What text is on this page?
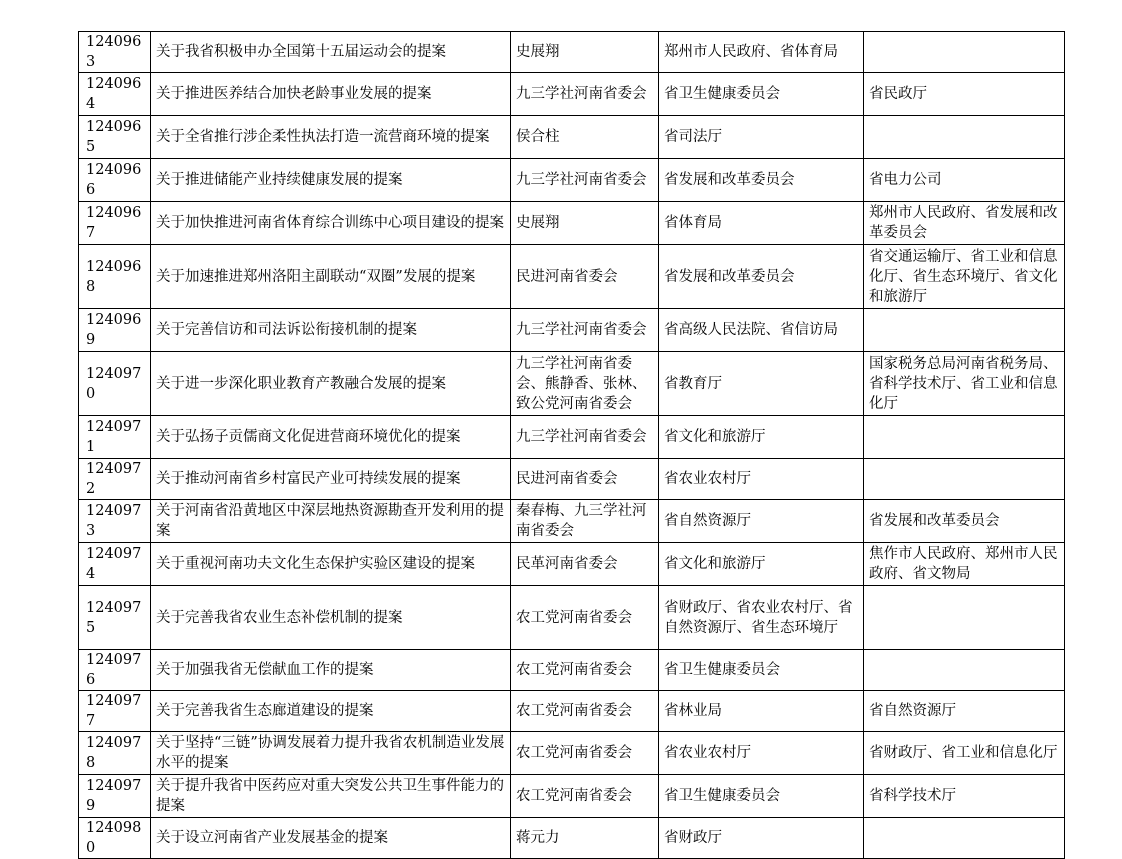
1240963	关于我省积极申办全国第十五届运动会的提案	史展翔	郑州市人民政府、省体育局	
1240964	关于推进医养结合加快老龄事业发展的提案	九三学社河南省委会	省卫生健康委员会	省民政厅
1240965	关于全省推行涉企柔性执法打造一流营商环境的提案	侯合柱	省司法厅	
1240966	关于推进储能产业持续健康发展的提案	九三学社河南省委会	省发展和改革委员会	省电力公司
1240967	关于加快推进河南省体育综合训练中心项目建设的提案	史展翔	省体育局	郑州市人民政府、省发展和改革委员会
1240968	关于加速推进郑州洛阳主副联动“双圈”发展的提案	民进河南省委会	省发展和改革委员会	省交通运输厅、省工业和信息化厅、省生态环境厅、省文化和旅游厅
1240969	关于完善信访和司法诉讼衔接机制的提案	九三学社河南省委会	省高级人民法院、省信访局	
1240970	关于进一步深化职业教育产教融合发展的提案	九三学社河南省委会、熊静香、张林、致公党河南省委会	省教育厅	国家税务总局河南省税务局、省科学技术厅、省工业和信息化厅
1240971	关于弘扬子贡儒商文化促进营商环境优化的提案	九三学社河南省委会	省文化和旅游厅	
1240972	关于推动河南省乡村富民产业可持续发展的提案	民进河南省委会	省农业农村厅	
1240973	关于河南省沿黄地区中深层地热资源勘查开发利用的提案	秦春梅、九三学社河南省委会	省自然资源厅	省发展和改革委员会
1240974	关于重视河南功夫文化生态保护实验区建设的提案	民革河南省委会	省文化和旅游厅	焦作市人民政府、郑州市人民政府、省文物局
1240975	关于完善我省农业生态补偿机制的提案	农工党河南省委会	省财政厅、省农业农村厅、省自然资源厅、省生态环境厅	
1240976	关于加强我省无偿献血工作的提案	农工党河南省委会	省卫生健康委员会	
1240977	关于完善我省生态廊道建设的提案	农工党河南省委会	省林业局	省自然资源厅
1240978	关于坚持“三链”协调发展着力提升我省农机制造业发展水平的提案	农工党河南省委会	省农业农村厅	省财政厅、省工业和信息化厅
1240979	关于提升我省中医药应对重大突发公共卫生事件能力的提案	农工党河南省委会	省卫生健康委员会	省科学技术厅
1240980	关于设立河南省产业发展基金的提案	蒋元力	省财政厅	
